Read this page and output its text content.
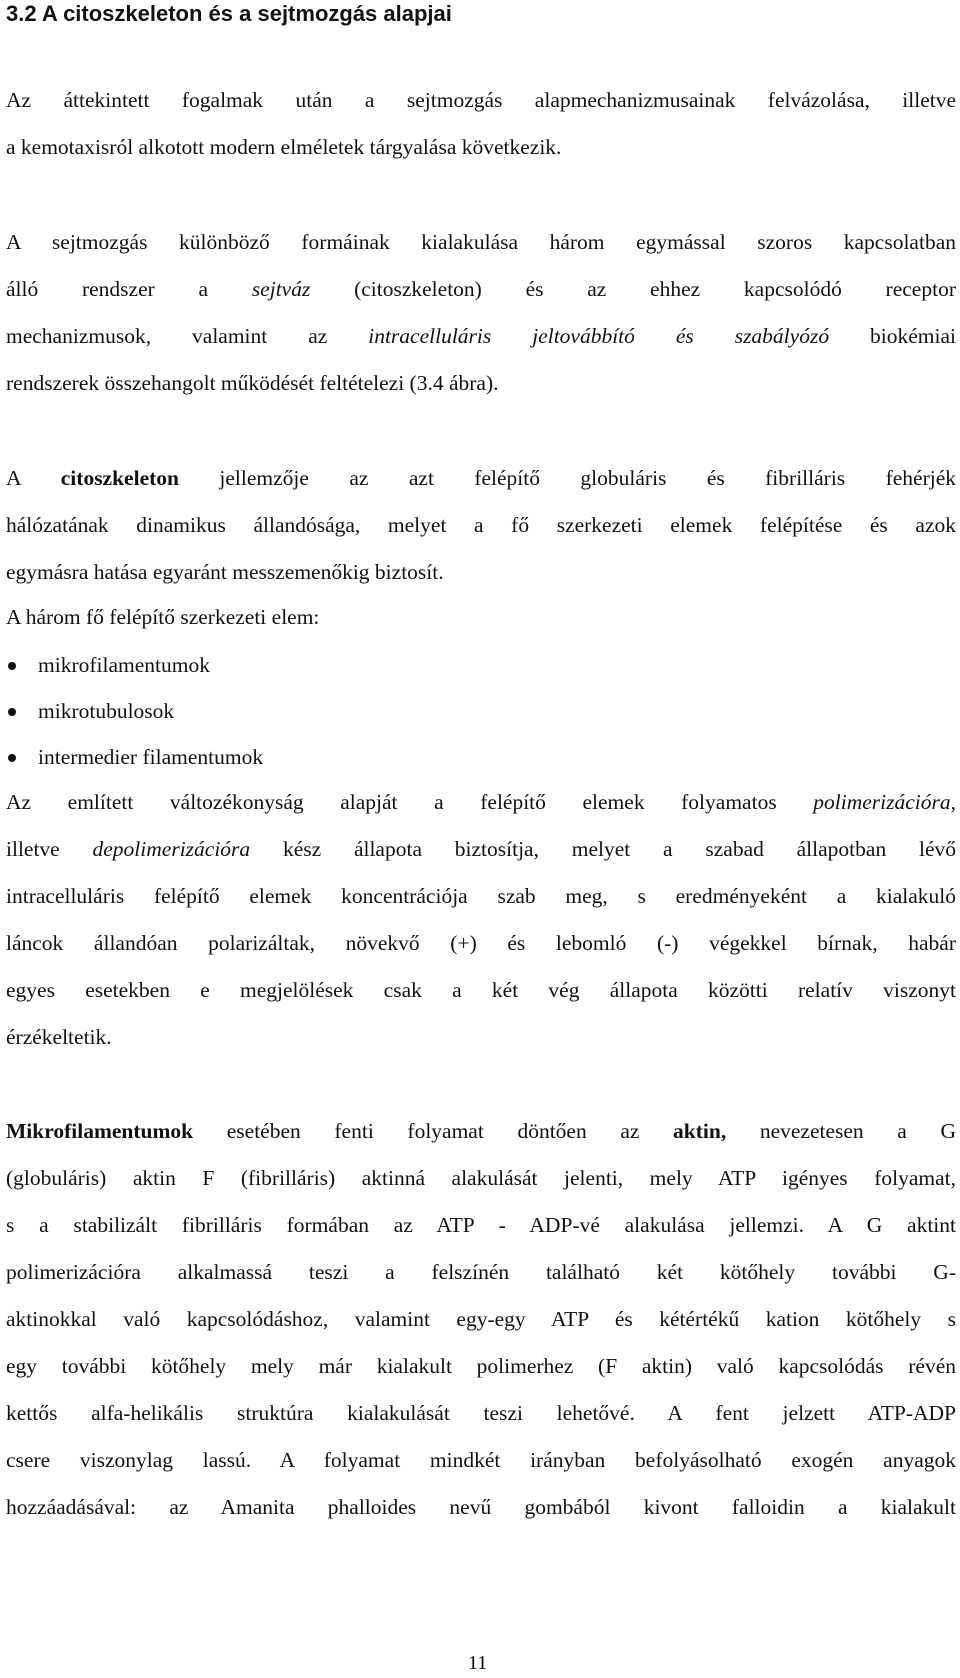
3.2 A citoszkeleton és a sejtmozgás alapjai
Az áttekintett fogalmak után a sejtmozgás alapmechanizmusainak felvázolása, illetve
a kemotaxisról alkotott modern elméletek tárgyalása következik.
A sejtmozgás különböző formáinak kialakulása három egymással szoros kapcsolatban
álló rendszer a sejtváz (citoszkeleton) és az ehhez kapcsolódó receptor
mechanizmusok, valamint az intracelluláris jeltovábbító és szabályózó biokémiai
rendszerek összehangolt működését feltételezi (3.4 ábra).
A citoszkeleton jellemzője az azt felépítő globuláris és fibrilláris fehérjék
hálózatának dinamikus állandósága, melyet a fő szerkezeti elemek felépítése és azok
egymásra hatása egyaránt messzemenőkig biztosít.
A három fő felépítő szerkezeti elem:
mikrofilamentumok
mikrotubulosok
intermedier filamentumok
Az említett változékonyság alapját a felépítő elemek folyamatos polimerizációra,
illetve depolimerizációra kész állapota biztosítja, melyet a szabad állapotban lévő
intracelluláris felépítő elemek koncentrációja szab meg, s eredményeként a kialakuló
láncok állandóan polarizáltak, növekvő (+) és lebomló (-) végekkel bírnak, habár
egyes esetekben e megjelölések csak a két vég állapota közötti relatív viszonyt
érzékeltetik.
Mikrofilamentumok esetében fenti folyamat döntően az aktin, nevezetesen a G
(globuláris) aktin F (fibrilláris) aktinná alakulását jelenti, mely ATP igényes folyamat,
s a stabilizált fibrilláris formában az ATP - ADP-vé alakulása jellemzi. A G aktint
polimerizációra alkalmassá teszi a felszínén található két kötőhely további G-
aktinokkal való kapcsolódáshoz, valamint egy-egy ATP és kétértékű kation kötőhely s
egy további kötőhely mely már kialakult polimerhez (F aktin) való kapcsolódás révén
kettős alfa-helikális struktúra kialakulását teszi lehetővé. A fent jelzett ATP-ADP
csere viszonylag lassú. A folyamat mindkét irányban befolyásolható exogén anyagok
hozzáadásával: az Amanita phalloides nevű gombából kivont falloidin a kialakult
11
